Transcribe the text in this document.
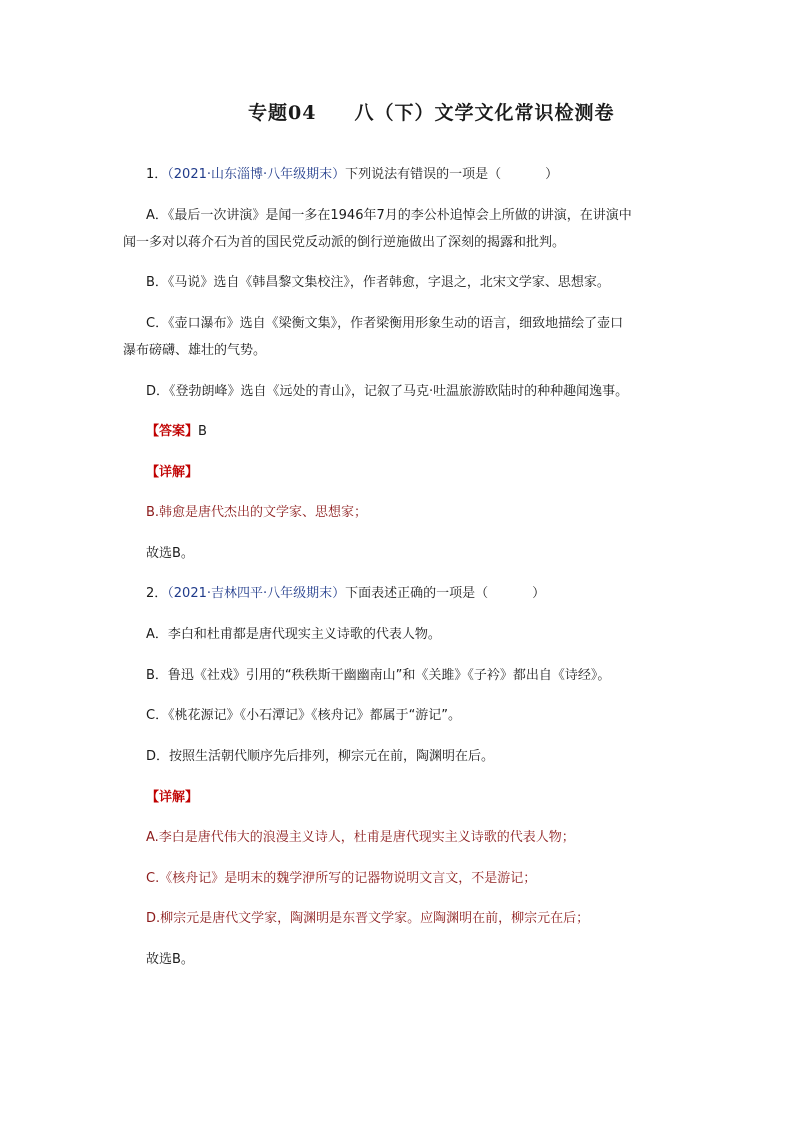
专题04 八（下）文学文化常识检测卷
1．（2021·山东淄博·八年级期末）下列说法有错误的一项是（	）
A．《最后一次讲演》是闻一多在1946年7月的李公朴追悼会上所做的讲演，在讲演中
闻一多对以蒋介石为首的国民党反动派的倒行逆施做出了深刻的揭露和批判。
B．《马说》选自《韩昌黎文集校注》，作者韩愈，字退之，北宋文学家、思想家。
C．《壶口瀑布》选自《梁衡文集》，作者梁衡用形象生动的语言，细致地描绘了壶口
瀑布磅礴、雄壮的气势。
D．《登勃朗峰》选自《远处的青山》，记叙了马克·吐温旅游欧陆时的种种趣闻逸事。
【答案】B
【详解】
B.韩愈是唐代杰出的文学家、思想家；
故选B。
2．（2021·吉林四平·八年级期末）下面表述正确的一项是（	）
A．李白和杜甫都是唐代现实主义诗歌的代表人物。
B．鲁迅《社戏》引用的“秩秩斯干幽幽南山”和《关雎》《子衿》都出自《诗经》。
C．《桃花源记》《小石潭记》《核舟记》都属于“游记”。
D．按照生活朝代顺序先后排列，柳宗元在前，陶渊明在后。
【详解】
A.李白是唐代伟大的浪漫主义诗人，杜甫是唐代现实主义诗歌的代表人物；
C.《核舟记》是明末的魏学洢所写的记器物说明文言文，不是游记；
D.柳宗元是唐代文学家，陶渊明是东晋文学家。应陶渊明在前，柳宗元在后；
故选B。
